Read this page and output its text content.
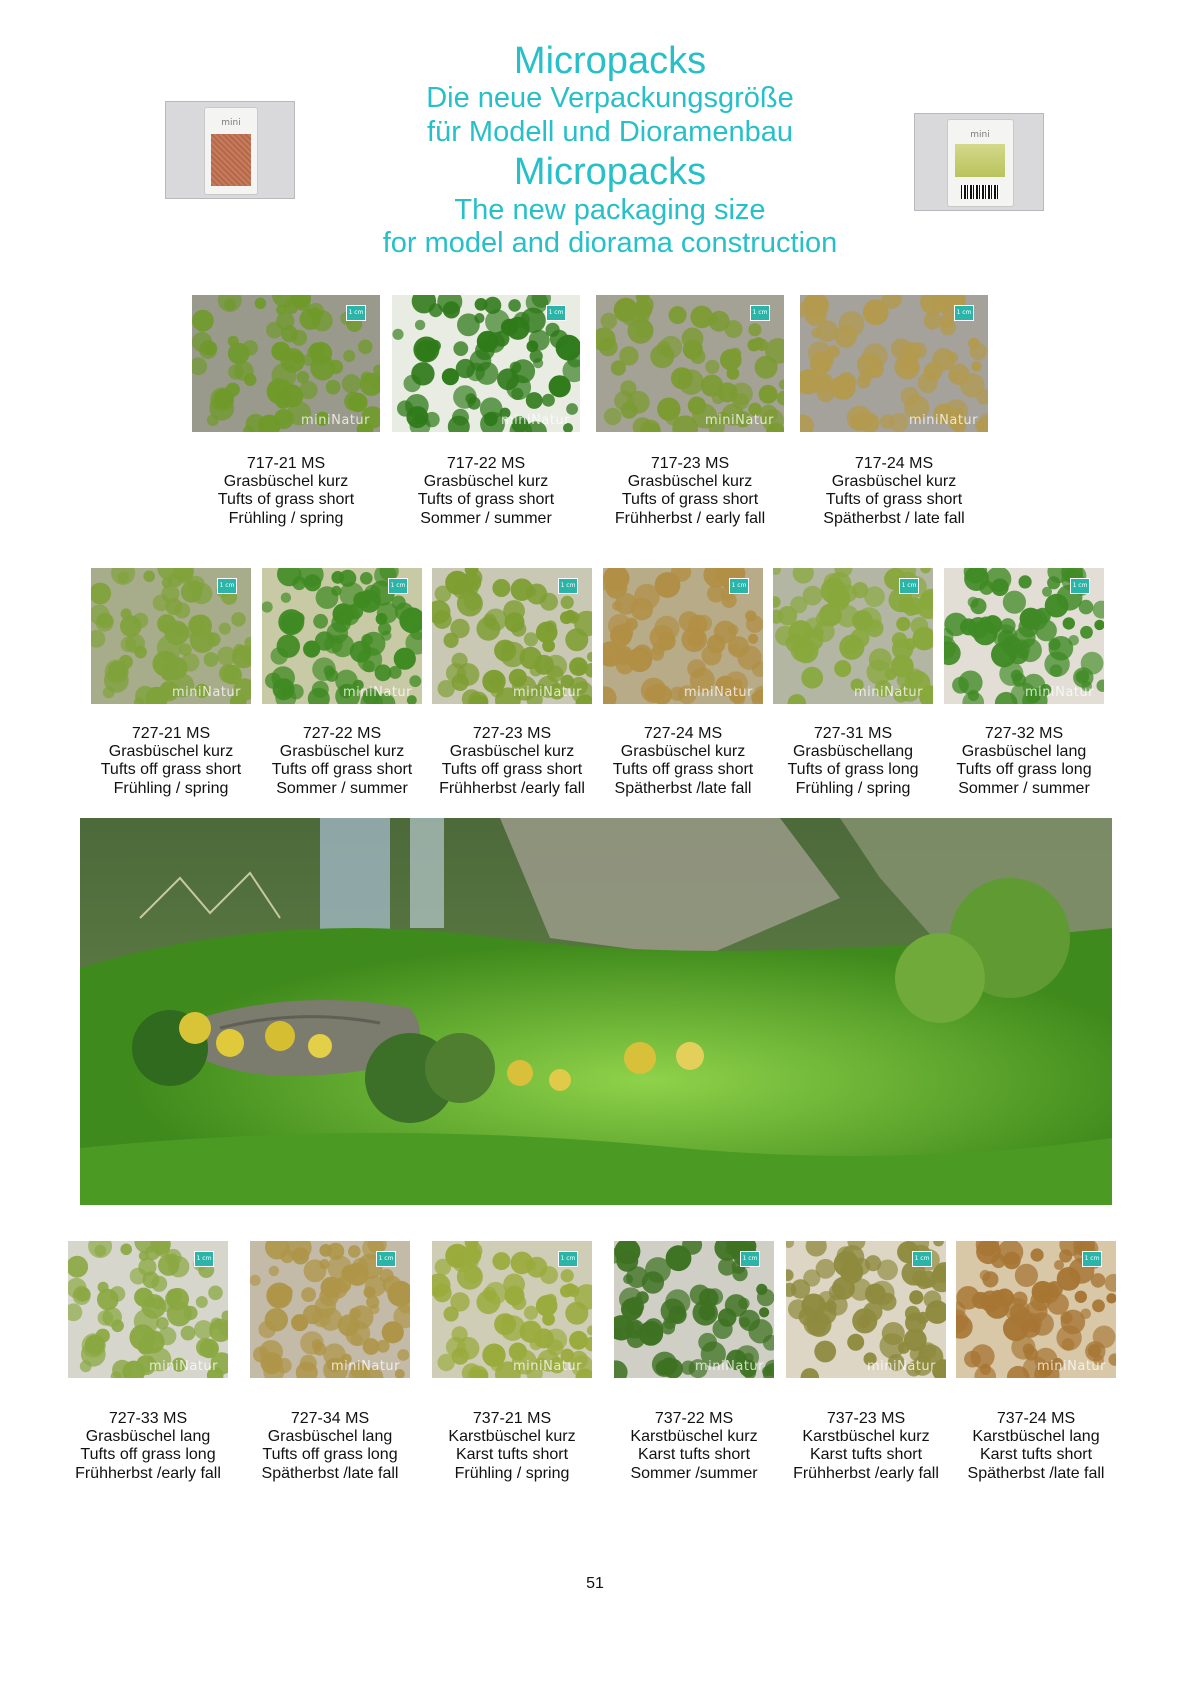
Micropacks
Die neue Verpackungsgröße
für Modell und Dioramenbau
Micropacks
The new packaging size
for model and diorama construction
mini
mini
1 cm
miniNatur
717-21 MS
Grasbüschel kurz
Tufts of grass short
Frühling / spring
1 cm
miniNatur
717-22 MS
Grasbüschel kurz
Tufts of grass short
Sommer / summer
1 cm
miniNatur
717-23 MS
Grasbüschel kurz
Tufts of grass short
Frühherbst / early fall
1 cm
miniNatur
717-24 MS
Grasbüschel kurz
Tufts of grass short
Spätherbst / late fall
1 cm
miniNatur
727-21 MS
Grasbüschel kurz
Tufts off grass short
Frühling / spring
1 cm
miniNatur
727-22 MS
Grasbüschel kurz
Tufts off grass short
Sommer / summer
1 cm
miniNatur
727-23 MS
Grasbüschel kurz
Tufts off grass short
Frühherbst /early fall
1 cm
miniNatur
727-24 MS
Grasbüschel kurz
Tufts off grass short
Spätherbst /late fall
1 cm
miniNatur
727-31 MS
Grasbüschellang
Tufts of grass long
Frühling / spring
1 cm
miniNatur
727-32 MS
Grasbüschel lang
Tufts off grass long
Sommer / summer
1 cm
miniNatur
727-33 MS
Grasbüschel lang
Tufts off grass long
Frühherbst /early fall
1 cm
miniNatur
727-34 MS
Grasbüschel lang
Tufts off grass long
Spätherbst /late fall
1 cm
miniNatur
737-21 MS
Karstbüschel kurz
Karst tufts short
Frühling / spring
1 cm
miniNatur
737-22 MS
Karstbüschel kurz
Karst tufts short
Sommer /summer
1 cm
miniNatur
737-23 MS
Karstbüschel kurz
Karst tufts short
Frühherbst /early fall
1 cm
miniNatur
737-24 MS
Karstbüschel lang
Karst tufts short
Spätherbst /late fall
51
